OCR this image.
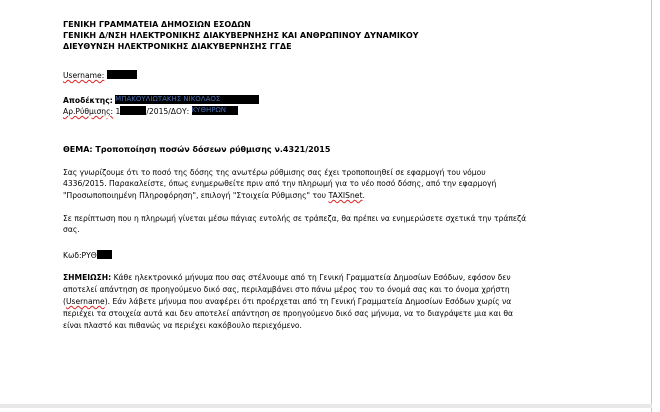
ΓΕΝΙΚΗ ΓΡΑΜΜΑΤΕΙΑ ΔΗΜΟΣΙΩΝ ΕΣΟΔΩΝ
ΓΕΝΙΚΗ Δ/ΝΣΗ ΗΛΕΚΤΡΟΝΙΚΗΣ ΔΙΑΚΥΒΕΡΝΗΣΗΣ ΚΑΙ ΑΝΘΡΩΠΙΝΟΥ ΔΥΝΑΜΙΚΟΥ
ΔΙΕΥΘΥΝΣΗ ΗΛΕΚΤΡΟΝΙΚΗΣ ΔΙΑΚΥΒΕΡΝΗΣΗΣ ΓΓΔΕ
Username:
Αποδέκτης: ΜΠΑΚΟΥΛΙΩΤΑΚΗΣ ΝΙΚΟΛΑΟΣ
Αρ.Ρύθμισης: 1	/2015/ΔΟΥ: ΚΥΘΗΡΩΝ
ΘΕΜΑ: Τροποποίηση ποσών δόσεων ρύθμισης ν.4321/2015
Σας γνωρίζουμε ότι το ποσό της δόσης της ανωτέρω ρύθμισης σας έχει τροποποιηθεί σε εφαρμογή του νόμου
4336/2015. Παρακαλείστε, όπως ενημερωθείτε πριν από την πληρωμή για το νέο ποσό δόσης, από την εφαρμογή
"Προσωποποιημένη Πληροφόρηση", επιλογή "Στοιχεία Ρύθμισης" του TAXISnet.
Σε περίπτωση που η πληρωμή γίνεται μέσω πάγιας εντολής σε τράπεζα, θα πρέπει να ενημερώσετε σχετικά την τράπεζά
σας.
Κωδ:ΡΥΘ
ΣΗΜΕΙΩΣΗ: Κάθε ηλεκτρονικό μήνυμα που σας στέλνουμε από τη Γενική Γραμματεία Δημοσίων Εσόδων, εφόσον δεν
αποτελεί απάντηση σε προηγούμενο δικό σας, περιλαμβάνει στο πάνω μέρος του το όνομά σας και το όνομα χρήστη
(Username). Εάν λάβετε μήνυμα που αναφέρει ότι προέρχεται από τη Γενική Γραμματεία Δημοσίων Εσόδων χωρίς να
περιέχει τα στοιχεία αυτά και δεν αποτελεί απάντηση σε προηγούμενο δικό σας μήνυμα, να το διαγράψετε μια και θα
είναι πλαστό και πιθανώς να περιέχει κακόβουλο περιεχόμενο.
